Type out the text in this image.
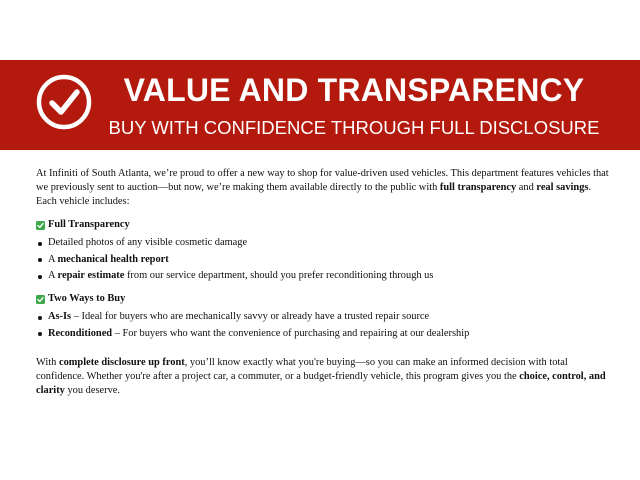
VALUE AND TRANSPARENCY
BUY WITH CONFIDENCE THROUGH FULL DISCLOSURE

At Infiniti of South Atlanta, we’re proud to offer a new way to shop for value-driven used vehicles. This department features vehicles that we previously sent to auction—but now, we’re making them available directly to the public with full transparency and real savings. Each vehicle includes:

Full Transparency
Detailed photos of any visible cosmetic damage
A mechanical health report
A repair estimate from our service department, should you prefer reconditioning through us
Two Ways to Buy
As-Is – Ideal for buyers who are mechanically savvy or already have a trusted repair source
Reconditioned – For buyers who want the convenience of purchasing and repairing at our dealership

With complete disclosure up front, you’ll know exactly what you're buying—so you can make an informed decision with total confidence. Whether you're after a project car, a commuter, or a budget-friendly vehicle, this program gives you the choice, control, and clarity you deserve.
